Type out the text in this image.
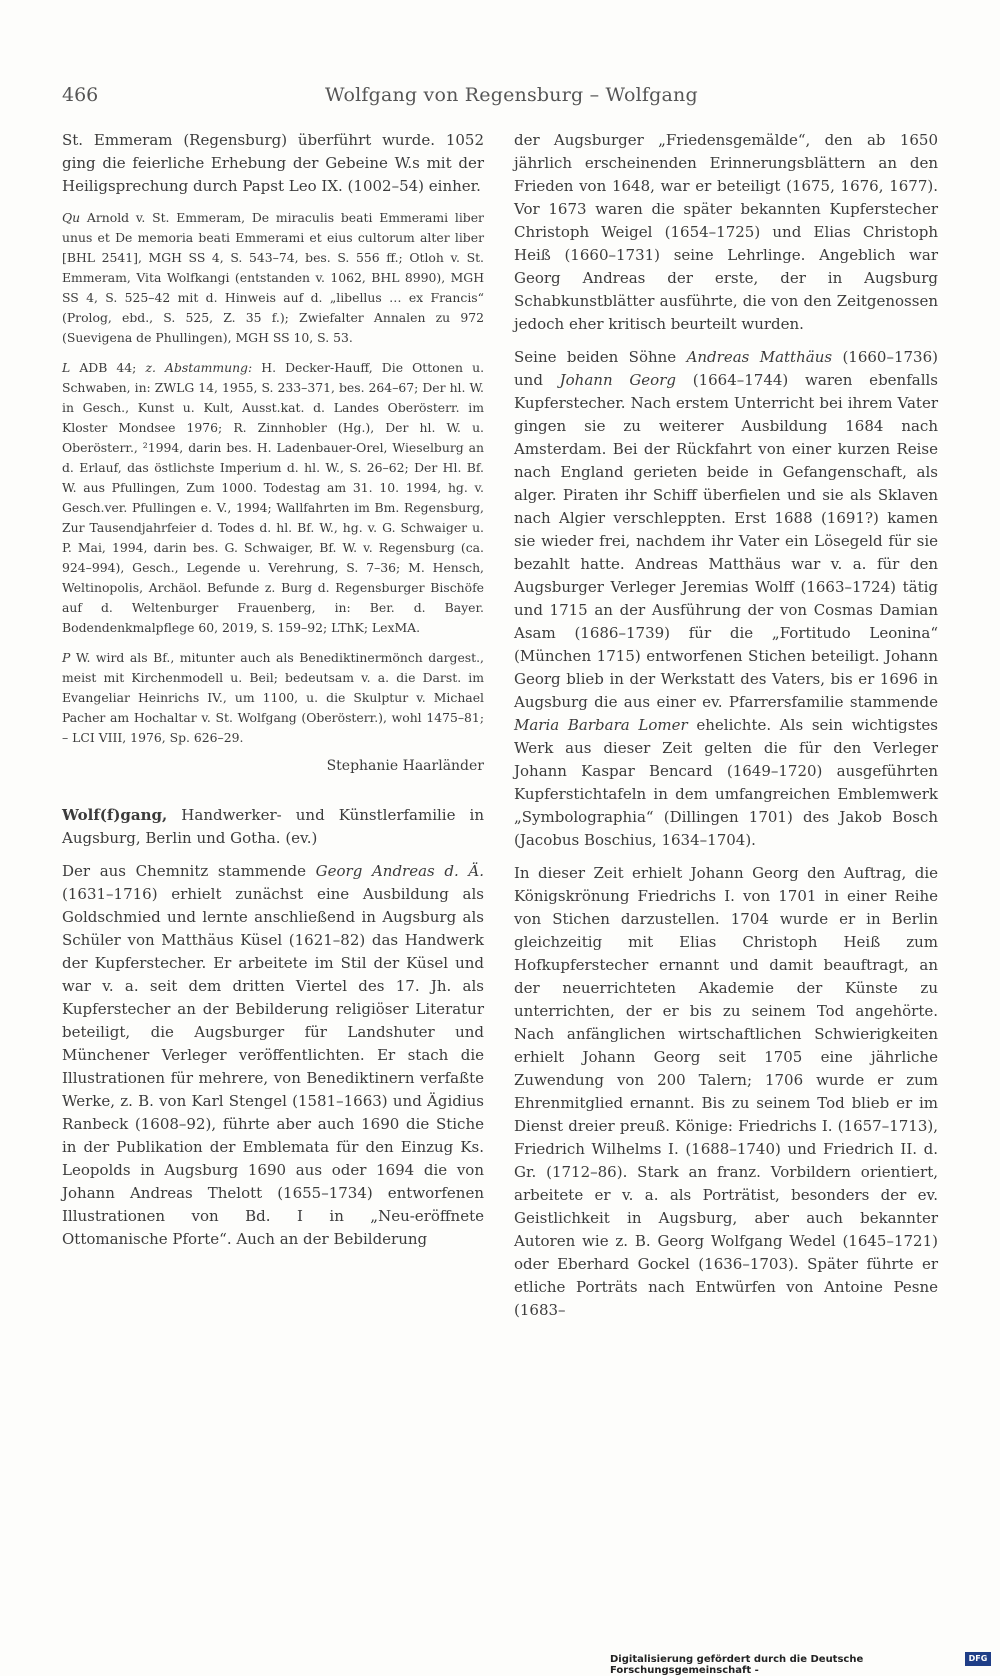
466	Wolfgang von Regensburg – Wolfgang

St. Emmeram (Regensburg) überführt wurde. 1052 ging die feierliche Erhebung der Gebeine W.s mit der Heiligsprechung durch Papst Leo IX. (1002–54) einher.

Qu Arnold v. St. Emmeram, De miraculis beati Emmerami liber unus et De memoria beati Emmerami et eius cultorum alter liber [BHL 2541], MGH SS 4, S. 543–74, bes. S. 556 ff.; Otloh v. St. Emmeram, Vita Wolfkangi (entstanden v. 1062, BHL 8990), MGH SS 4, S. 525–42 mit d. Hinweis auf d. „libellus … ex Francis“ (Prolog, ebd., S. 525, Z. 35 f.); Zwiefalter Annalen zu 972 (Suevigena de Phullingen), MGH SS 10, S. 53.

L ADB 44; z. Abstammung: H. Decker-Hauff, Die Ottonen u. Schwaben, in: ZWLG 14, 1955, S. 233–371, bes. 264–67; Der hl. W. in Gesch., Kunst u. Kult, Ausst.kat. d. Landes Oberösterr. im Kloster Mondsee 1976; R. Zinnhobler (Hg.), Der hl. W. u. Oberösterr., ²1994, darin bes. H. Ladenbauer-Orel, Wieselburg an d. Erlauf, das östlichste Imperium d. hl. W., S. 26–62; Der Hl. Bf. W. aus Pfullingen, Zum 1000. Todestag am 31. 10. 1994, hg. v. Gesch.ver. Pfullingen e. V., 1994; Wallfahrten im Bm. Regensburg, Zur Tausendjahrfeier d. Todes d. hl. Bf. W., hg. v. G. Schwaiger u. P. Mai, 1994, darin bes. G. Schwaiger, Bf. W. v. Regensburg (ca. 924–994), Gesch., Legende u. Verehrung, S. 7–36; M. Hensch, Weltinopolis, Archäol. Befunde z. Burg d. Regensburger Bischöfe auf d. Weltenburger Frauenberg, in: Ber. d. Bayer. Bodendenkmalpflege 60, 2019, S. 159–92; LThK; LexMA.

P W. wird als Bf., mitunter auch als Benediktinermönch dargest., meist mit Kirchenmodell u. Beil; bedeutsam v. a. die Darst. im Evangeliar Heinrichs IV., um 1100, u. die Skulptur v. Michael Pacher am Hochaltar v. St. Wolfgang (Oberösterr.), wohl 1475–81; – LCI VIII, 1976, Sp. 626–29.

Stephanie Haarländer

Wolf(f)gang, Handwerker- und Künstlerfamilie in Augsburg, Berlin und Gotha. (ev.)

Der aus Chemnitz stammende Georg Andreas d. Ä. (1631–1716) erhielt zunächst eine Ausbildung als Goldschmied und lernte anschließend in Augsburg als Schüler von Matthäus Küsel (1621–82) das Handwerk der Kupferstecher. Er arbeitete im Stil der Küsel und war v. a. seit dem dritten Viertel des 17. Jh. als Kupferstecher an der Bebilderung religiöser Literatur beteiligt, die Augsburger für Landshuter und Münchener Verleger veröffentlichten. Er stach die Illustrationen für mehrere, von Benediktinern verfaßte Werke, z. B. von Karl Stengel (1581–1663) und Ägidius Ranbeck (1608–92), führte aber auch 1690 die Stiche in der Publikation der Emblemata für den Einzug Ks. Leopolds in Augsburg 1690 aus oder 1694 die von Johann Andreas Thelott (1655–1734) entworfenen Illustrationen von Bd. I in „Neu-eröffnete Ottomanische Pforte“. Auch an der Bebilderung

der Augsburger „Friedensgemälde“, den ab 1650 jährlich erscheinenden Erinnerungsblättern an den Frieden von 1648, war er beteiligt (1675, 1676, 1677). Vor 1673 waren die später bekannten Kupferstecher Christoph Weigel (1654–1725) und Elias Christoph Heiß (1660–1731) seine Lehrlinge. Angeblich war Georg Andreas der erste, der in Augsburg Schabkunstblätter ausführte, die von den Zeitgenossen jedoch eher kritisch beurteilt wurden.

Seine beiden Söhne Andreas Matthäus (1660–1736) und Johann Georg (1664–1744) waren ebenfalls Kupferstecher. Nach erstem Unterricht bei ihrem Vater gingen sie zu weiterer Ausbildung 1684 nach Amsterdam. Bei der Rückfahrt von einer kurzen Reise nach England gerieten beide in Gefangenschaft, als alger. Piraten ihr Schiff überfielen und sie als Sklaven nach Algier verschleppten. Erst 1688 (1691?) kamen sie wieder frei, nachdem ihr Vater ein Lösegeld für sie bezahlt hatte. Andreas Matthäus war v. a. für den Augsburger Verleger Jeremias Wolff (1663–1724) tätig und 1715 an der Ausführung der von Cosmas Damian Asam (1686–1739) für die „Fortitudo Leonina“ (München 1715) entworfenen Stichen beteiligt. Johann Georg blieb in der Werkstatt des Vaters, bis er 1696 in Augsburg die aus einer ev. Pfarrersfamilie stammende Maria Barbara Lomer ehelichte. Als sein wichtigstes Werk aus dieser Zeit gelten die für den Verleger Johann Kaspar Bencard (1649–1720) ausgeführten Kupferstichtafeln in dem umfangreichen Emblemwerk „Symbolographia“ (Dillingen 1701) des Jakob Bosch (Jacobus Boschius, 1634–1704).

In dieser Zeit erhielt Johann Georg den Auftrag, die Königskrönung Friedrichs I. von 1701 in einer Reihe von Stichen darzustellen. 1704 wurde er in Berlin gleichzeitig mit Elias Christoph Heiß zum Hofkupferstecher ernannt und damit beauftragt, an der neuerrichteten Akademie der Künste zu unterrichten, der er bis zu seinem Tod angehörte. Nach anfänglichen wirtschaftlichen Schwierigkeiten erhielt Johann Georg seit 1705 eine jährliche Zuwendung von 200 Talern; 1706 wurde er zum Ehrenmitglied ernannt. Bis zu seinem Tod blieb er im Dienst dreier preuß. Könige: Friedrichs I. (1657–1713), Friedrich Wilhelms I. (1688–1740) und Friedrich II. d. Gr. (1712–86). Stark an franz. Vorbildern orientiert, arbeitete er v. a. als Porträtist, besonders der ev. Geistlichkeit in Augsburg, aber auch bekannter Autoren wie z. B. Georg Wolfgang Wedel (1645–1721) oder Eberhard Gockel (1636–1703). Später führte er etliche Porträts nach Entwürfen von Antoine Pesne (1683–

Digitalisierung gefördert durch die Deutsche Forschungsgemeinschaft -
DFG
